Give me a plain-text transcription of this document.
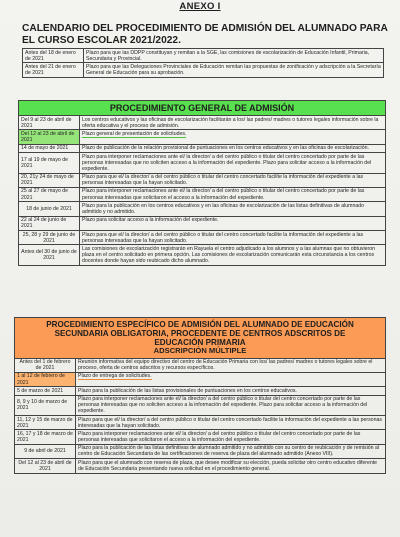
ANEXO I
CALENDARIO DEL PROCEDIMIENTO DE ADMISIÓN DEL ALUMNADO PARA EL CURSO ESCOLAR 2021/2022.
Antes del 18 de enero de 2021	Plazo para que las DDPP constituyan y remitan a la SGE, las comisiones de escolarización de Educación Infantil, Primaria, Secundaria y Provincial.
Antes del 21 de enero de 2021	Plazo para que las Delegaciones Provinciales de Educación remitan las propuestas de zonificación y adscripción a la Secretaría General de Educación para su aprobación.
PROCEDIMIENTO GENERAL DE ADMISIÓN	
Del 9 al 23 de abril de 2021	Los centros educativos y las oficinas de escolarización facilitarán a los/ las padres/ madres o tutores legales información sobre la oferta educativa y el proceso de admisión.
Del 12 al 23 de abril de 2021	Plazo general de presentación de solicitudes.
14 de mayo de 2021	Plazo de publicación de la relación provisional de puntuaciones en los centros educativos y en las oficinas de escolarización.
17 al 19 de mayo de 2021	Plazo para interponer reclamaciones ante el/ la director/ a del centro público o titular del centro concertado por parte de las personas interesadas que no soliciten acceso a la información del expediente. Plazo para solicitar acceso a la información del expediente.
20, 21y 24 de mayo de 2021	Plazo para que el/ la director/ a del centro público o titular del centro concertado facilite la información del expediente a las personas interesadas que la hayan solicitado.
25 al 27 de mayo de 2021	Plazo para interponer reclamaciones ante el/ la director/ a del centro público o titular del centro concertado por parte de las personas interesadas que solicitaron el acceso a la información del expediente.
18 de junio de 2021	Plazo para la publicación en los centros educativos y en las oficinas de escolarización de las listas definitivas de alumnado admitido y no admitido.
22 al 24 de junio de 2021	Plazo para solicitar acceso a la información del expediente.
25, 28 y 29 de junio de 2021	Plazo para que el/ la director/ a del centro público o titular del centro concertado facilite la información del expediente a las personas interesadas que la hayan solicitado.
Antes del 30 de junio de 2021	Las comisiones de escolarización registrarán en Rayuela el centro adjudicado a los alumnos y a las alumnas que no obtuvieron plaza en el centro solicitado en primera opción. Las comisiones de escolarización comunicarán esta circunstancia a los centros docentes donde hayan sido reubicado dicho alumnado.
PROCEDIMIENTO ESPECÍFICO DE ADMISIÓN DEL ALUMNADO DE EDUCACIÓN
SECUNDARIA OBLIGATORIA, PROCEDENTE DE CENTROS ADSCRITOS DE
EDUCACIÓN PRIMARIA
ADSCRIPCIÓN MÚLTIPLE	

Antes del 1 de febrero de 2021	Reunión informativa del equipo directivo del centro de Educación Primaria con los/ las padres/ madres o tutores legales sobre el proceso, oferta de centros adscritos y recursos específicos.
1 al 12 de febrero de 2021	Plazo de entrega de solicitudes.
5 de marzo de 2021	Plazo para la publicación de las listas provisionales de puntuaciones en los centros educativos.
8, 9 y 10 de marzo de 2021	Plazo para interponer reclamaciones ante el/ la director/ a del centro público o titular del centro concertado por parte de las personas interesadas que no soliciten acceso a la información del expediente. Plazo para solicitar acceso a la información del expediente.
11, 12 y 15 de marzo de 2021	Plazo para que el/ la director/ a del centro público o titular del centro concertado facilite la información del expediente a las personas interesadas que la hayan solicitado.
16, 17 y 18 de marzo de 2021	Plazo para interponer reclamaciones ante el/ la director/ a del centro público o titular del centro concertado por parte de las personas interesadas que solicitaron el acceso a la información del expediente.
9 de abril de 2021	Plazo para la publicación de las listas definitivas de alumnado admitido y no admitido con su centro de reubicación y de remisión al centro de Educación Secundaria de las certificaciones de reserva de plaza del alumnado admitido (Anexo VIII).
Del 12 al 23 de abril de 2021	Plazo para que el alumnado con reserva de plaza, que desee modificar su elección, pueda solicitar otro centro educativo diferente de Educación Secundaria presentando nueva solicitud en el procedimiento general.
